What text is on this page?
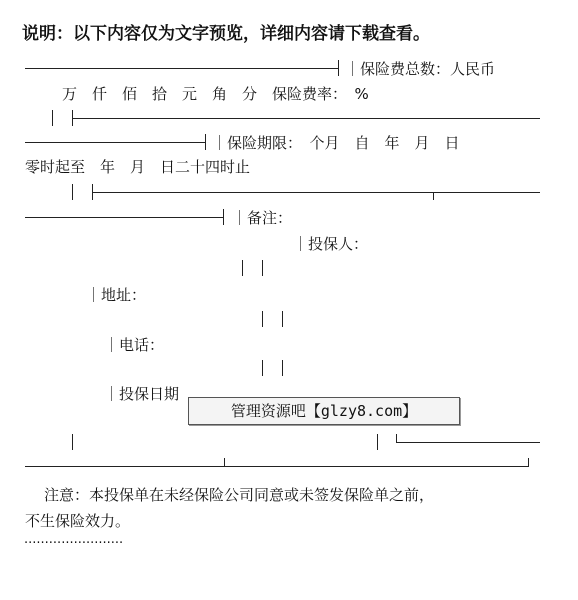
说明：以下内容仅为文字预览，详细内容请下载查看。
｜保险费总数：人民币
万　仟　佰　拾　元　角　分　保险费率：　%
｜保险期限：　个月　自　年　月　日
零时起至　年　月　日二十四时止
｜备注：
｜投保人：
｜地址：
｜电话：
｜投保日期
注意：本投保单在未经保险公司同意或未签发保险单之前，
不生保险效力。
························
管理资源吧【glzy8.com】
